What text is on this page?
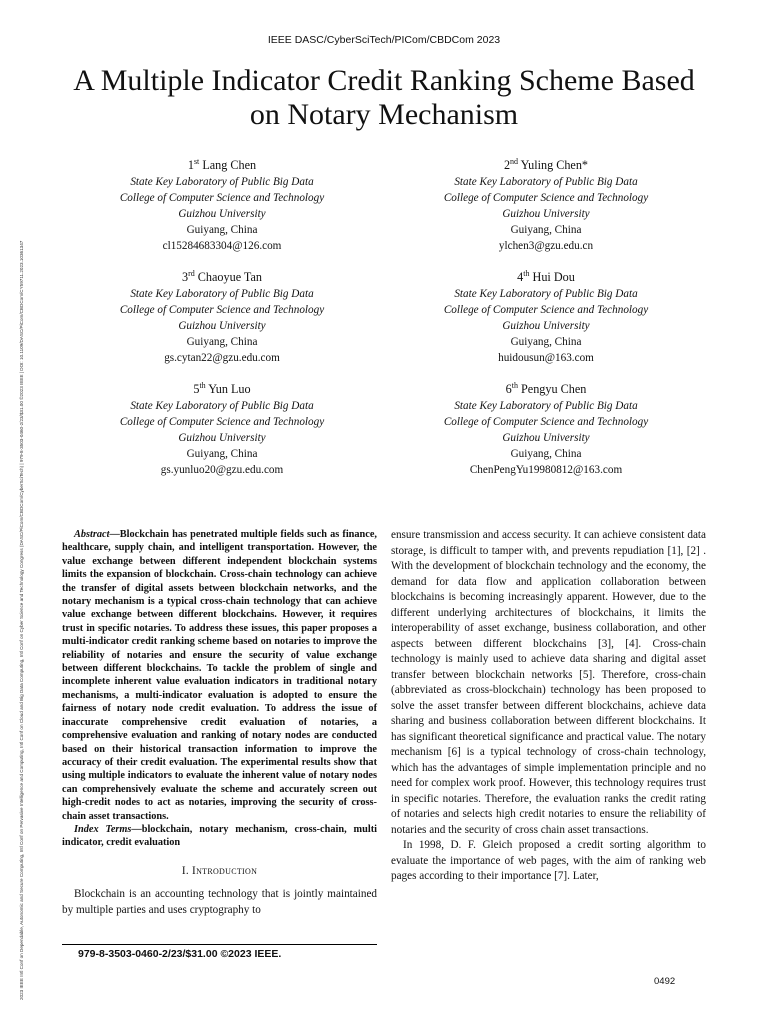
2023 IEEE Intl Conf on Dependable, Autonomic and Secure Computing, Intl Conf on Pervasive Intelligence and Computing, Intl Conf on Cloud and Big Data Computing, Intl Conf on Cyber Science and Technology Congress (DASC/PiCom/CBDCom/CyberSciTech) | 979-8-3503-0460-2/23/$31.00 ©2023 IEEE | DOI: 10.1109/DASC/PiCom/CBDCom/CY59711.2023.10361347
IEEE DASC/CyberSciTech/PICom/CBDCom 2023
A Multiple Indicator Credit Ranking Scheme Based
on Notary Mechanism
1st Lang Chen
State Key Laboratory of Public Big Data
College of Computer Science and Technology
Guizhou University
Guiyang, China
cl15284683304@126.com
2nd Yuling Chen*
State Key Laboratory of Public Big Data
College of Computer Science and Technology
Guizhou University
Guiyang, China
ylchen3@gzu.edu.cn
3rd Chaoyue Tan
State Key Laboratory of Public Big Data
College of Computer Science and Technology
Guizhou University
Guiyang, China
gs.cytan22@gzu.edu.com
4th Hui Dou
State Key Laboratory of Public Big Data
College of Computer Science and Technology
Guizhou University
Guiyang, China
huidousun@163.com
5th Yun Luo
State Key Laboratory of Public Big Data
College of Computer Science and Technology
Guizhou University
Guiyang, China
gs.yunluo20@gzu.edu.com
6th Pengyu Chen
State Key Laboratory of Public Big Data
College of Computer Science and Technology
Guizhou University
Guiyang, China
ChenPengYu19980812@163.com

Abstract—Blockchain has penetrated multiple fields such as finance, healthcare, supply chain, and intelligent transportation. However, the value exchange between different independent blockchain systems limits the expansion of blockchain. Cross-chain technology can achieve the transfer of digital assets between blockchain networks, and the notary mechanism is a typical cross-chain technology that can achieve value exchange between different blockchains. However, it requires trust in specific notaries. To address these issues, this paper proposes a multi-indicator credit ranking scheme based on notaries to improve the reliability of notaries and ensure the security of value exchange between different blockchains. To tackle the problem of single and incomplete inherent value evaluation indicators in traditional notary mechanisms, a multi-indicator evaluation is adopted to ensure the fairness of notary node credit evaluation. To address the issue of inaccurate comprehensive credit evaluation of notaries, a comprehensive evaluation and ranking of notary nodes are conducted based on their historical transaction information to improve the accuracy of their credit evaluation. The experimental results show that using multiple indicators to evaluate the inherent value of notary nodes can comprehensively evaluate the scheme and accurately screen out high-credit nodes to act as notaries, improving the security of cross-chain asset transactions.

Index Terms—blockchain, notary mechanism, cross-chain, multi indicator, credit evaluation

I. Introduction

Blockchain is an accounting technology that is jointly maintained by multiple parties and uses cryptography to

ensure transmission and access security. It can achieve consistent data storage, is difficult to tamper with, and prevents repudiation [1], [2] . With the development of blockchain technology and the economy, the demand for data flow and application collaboration between blockchains is becoming increasingly apparent. However, due to the different underlying architectures of blockchains, it limits the interoperability of asset exchange, business collaboration, and other aspects between different blockchains [3], [4]. Cross-chain technology is mainly used to achieve data sharing and digital asset transfer between blockchain networks [5]. Therefore, cross-chain (abbreviated as cross-blockchain) technology has been proposed to solve the asset transfer between different blockchains, achieve data sharing and business collaboration between different blockchains. It has significant theoretical significance and practical value. The notary mechanism [6] is a typical technology of cross-chain technology, which has the advantages of simple implementation principle and no need for complex work proof. However, this technology requires trust in specific notaries. Therefore, the evaluation ranks the credit rating of notaries and selects high credit notaries to ensure the reliability of notaries and the security of cross chain asset transactions.

In 1998, D. F. Gleich proposed a credit sorting algorithm to evaluate the importance of web pages, with the aim of ranking web pages according to their importance [7]. Later,

979-8-3503-0460-2/23/$31.00 ©2023 IEEE.
0492
